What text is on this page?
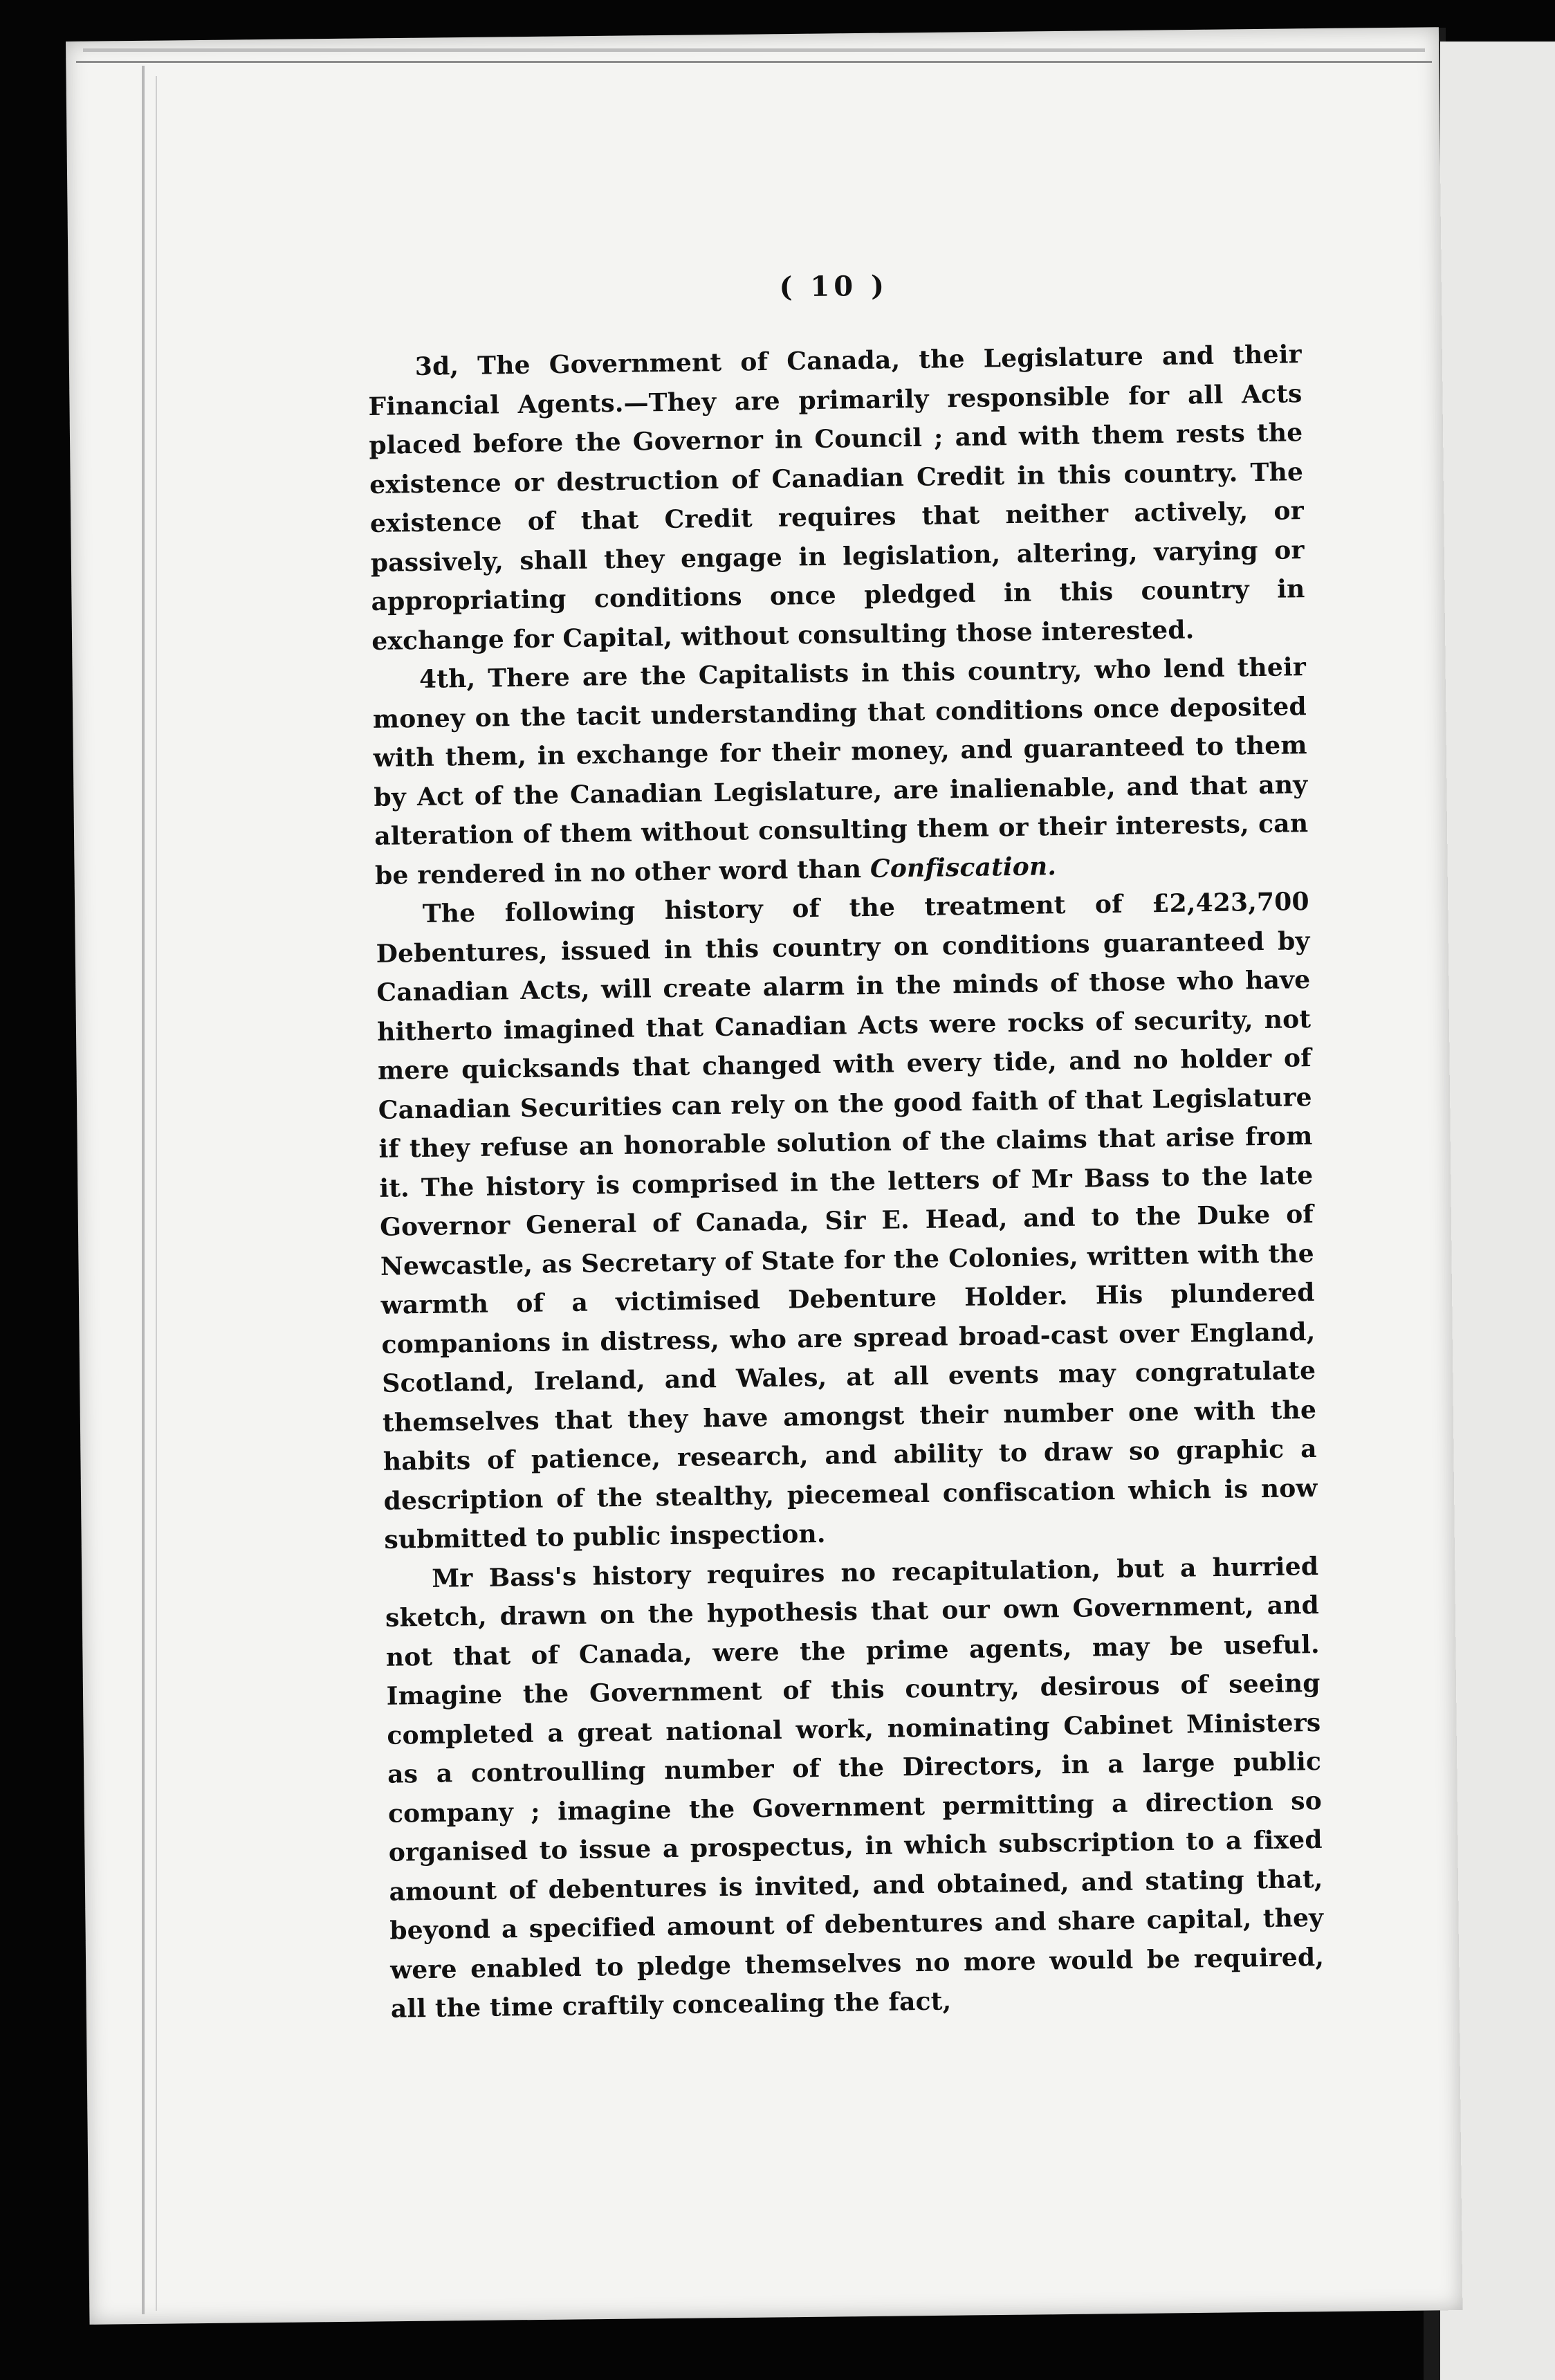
( 10 )

3d, The Government of Canada, the Legislature and their Financial Agents.—They are primarily responsible for all Acts placed before the Governor in Council ; and with them rests the existence or destruction of Canadian Credit in this country. The existence of that Credit requires that neither actively, or passively, shall they engage in legislation, altering, varying or appropriating conditions once pledged in this country in exchange for Capital, without consulting those interested.

4th, There are the Capitalists in this country, who lend their money on the tacit understanding that conditions once deposited with them, in exchange for their money, and guaranteed to them by Act of the Canadian Legislature, are inalienable, and that any alteration of them without consulting them or their interests, can be rendered in no other word than Confiscation.

The following history of the treatment of £2,423,700 Debentures, issued in this country on conditions guaranteed by Canadian Acts, will create alarm in the minds of those who have hitherto imagined that Canadian Acts were rocks of security, not mere quicksands that changed with every tide, and no holder of Canadian Securities can rely on the good faith of that Legislature if they refuse an honorable solution of the claims that arise from it. The history is comprised in the letters of Mr Bass to the late Governor General of Canada, Sir E. Head, and to the Duke of Newcastle, as Secretary of State for the Colonies, written with the warmth of a victimised Debenture Holder. His plundered companions in distress, who are spread broad-cast over England, Scotland, Ireland, and Wales, at all events may congratulate themselves that they have amongst their number one with the habits of patience, research, and ability to draw so graphic a description of the stealthy, piecemeal confiscation which is now submitted to public inspection.

Mr Bass's history requires no recapitulation, but a hurried sketch, drawn on the hypothesis that our own Government, and not that of Canada, were the prime agents, may be useful. Imagine the Government of this country, desirous of seeing completed a great national work, nominating Cabinet Ministers as a controulling number of the Directors, in a large public company ; imagine the Government permitting a direction so organised to issue a prospectus, in which subscription to a fixed amount of debentures is invited, and obtained, and stating that, beyond a specified amount of debentures and share capital, they were enabled to pledge themselves no more would be required, all the time craftily concealing the fact,
